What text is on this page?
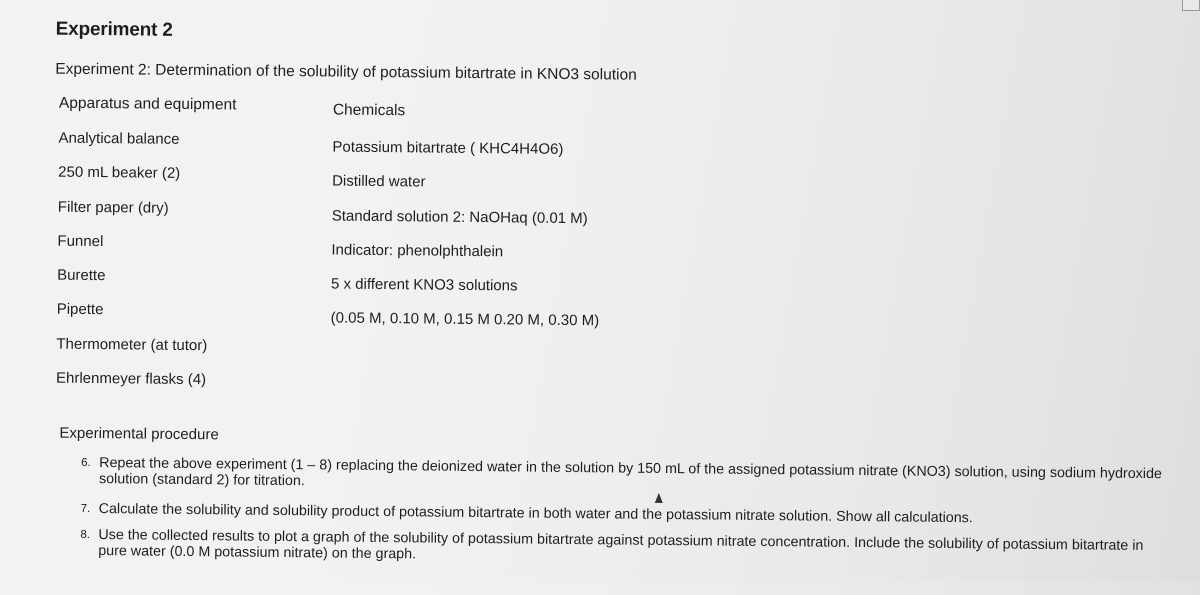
Experiment 2
Experiment 2: Determination of the solubility of potassium bitartrate in KNO3 solution
Apparatus and equipment	Chemicals
Analytical balance
250 mL beaker (2)
Filter paper (dry)
Funnel
Burette
Pipette
Thermometer (at tutor)
Ehrlenmeyer flasks (4)
Potassium bitartrate ( KHC4H4O6)
Distilled water
Standard solution 2: NaOHaq (0.01 M)
Indicator: phenolphthalein
5 x different KNO3 solutions
(0.05 M, 0.10 M, 0.15 M 0.20 M, 0.30 M)
Experimental procedure
6. Repeat the above experiment (1 – 8) replacing the deionized water in the solution by 150 mL of the assigned potassium nitrate (KNO3) solution, using sodium hydroxide solution (standard 2) for titration.
7. Calculate the solubility and solubility product of potassium bitartrate in both water and the potassium nitrate solution. Show all calculations.
8. Use the collected results to plot a graph of the solubility of potassium bitartrate against potassium nitrate concentration. Include the solubility of potassium bitartrate in pure water (0.0 M potassium nitrate) on the graph.
